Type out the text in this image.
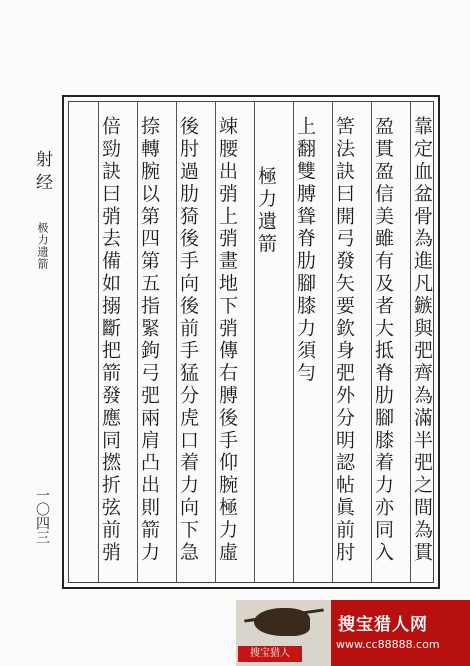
靠定血盆骨為進凡鏃與弝齊為滿半弝之間為貫
盈貫盈信美雖有及者大抵脊肋腳膝着力亦同入
筈法訣曰開弓發矢要欽身弝外分明認帖眞前肘
上翻雙膊聳脊肋腳膝力須勻
極力遺箭
竦腰出弰上弰畫地下弰傳右膊後手仰腕極力虛
後肘過肋猗後手向後前手猛分虎口着力向下急
捺轉腕以第四第五指緊鉤弓弝兩肩凸出則箭力
倍勁訣曰弰去備如搦斷把箭發應同撚折弦前弰
射经
极力遗箭
一〇四三
搜宝猎人
搜宝猎人网
www.cc88888.com
